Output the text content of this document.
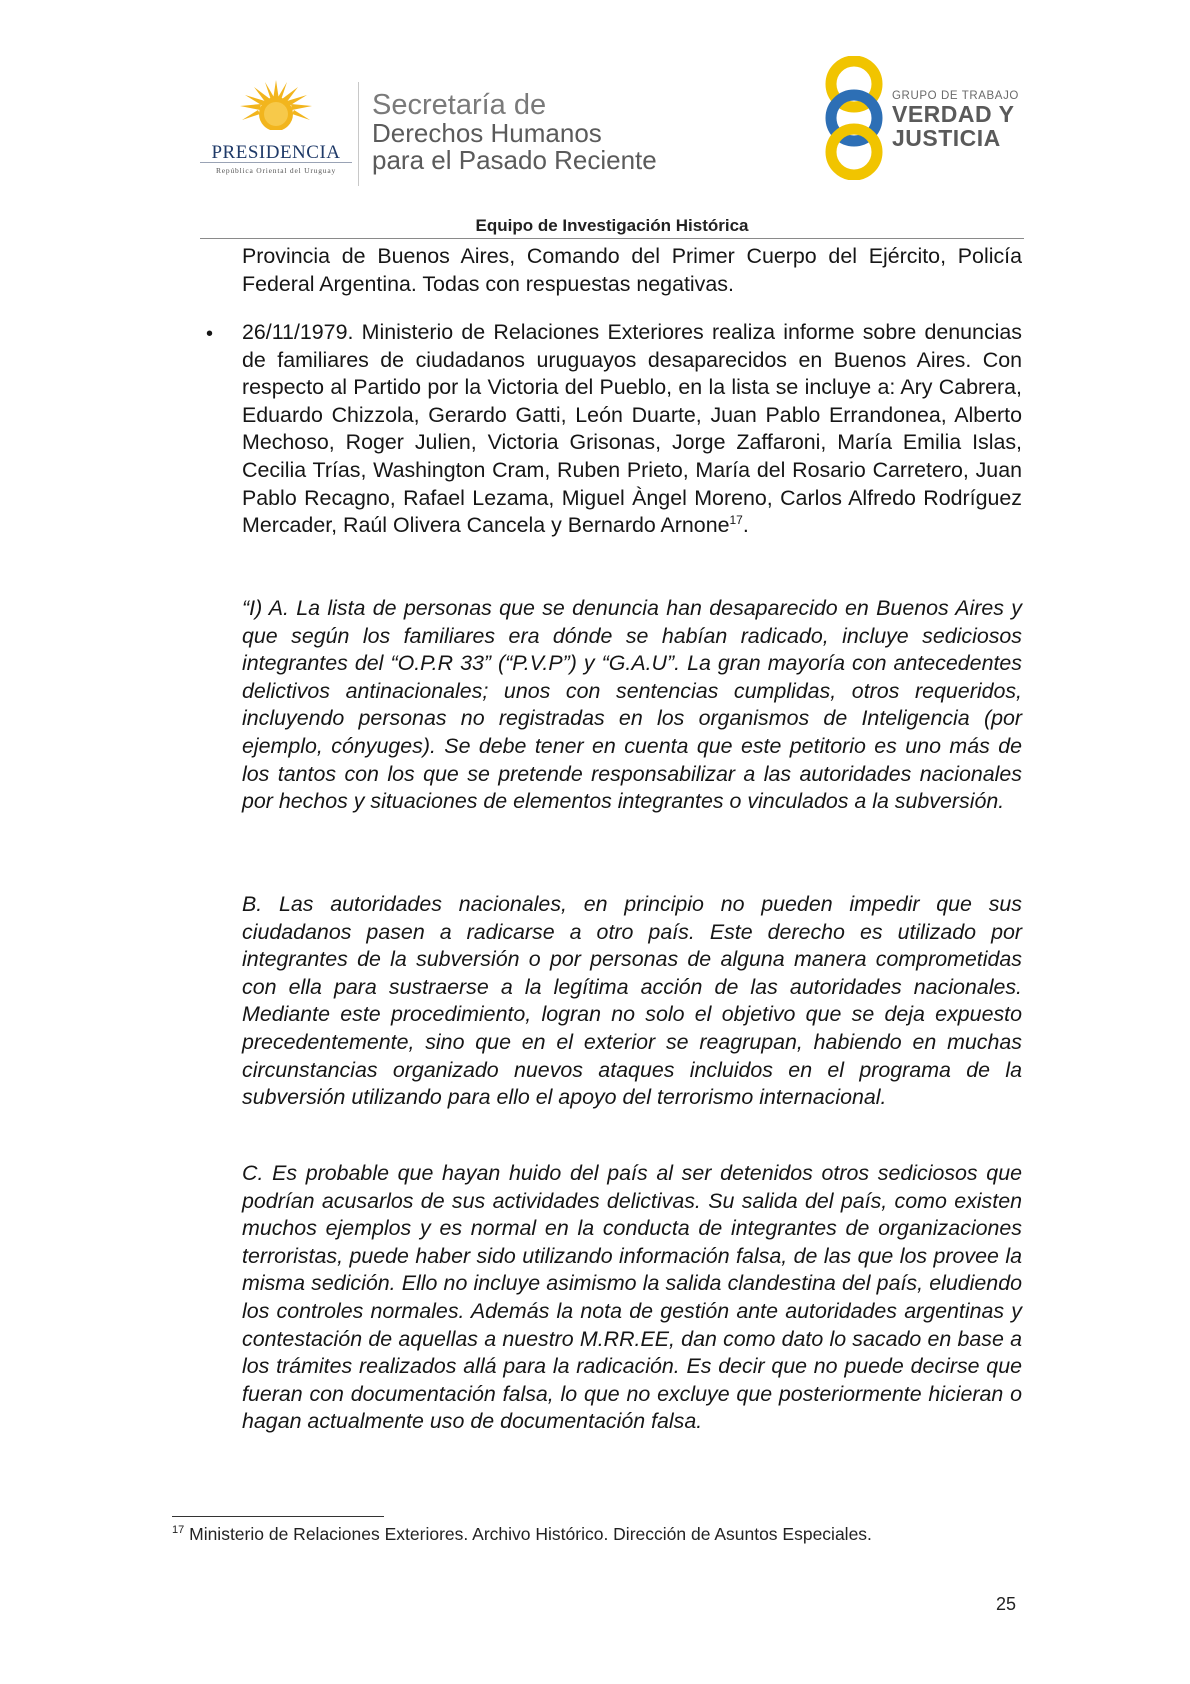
PRESIDENCIA
República Oriental del Uruguay
Secretaría de
Derechos Humanos
para el Pasado Reciente
GRUPO DE TRABAJO
VERDAD Y
JUSTICIA
Equipo de Investigación Histórica
Provincia de Buenos Aires, Comando del Primer Cuerpo del Ejército, Policía Federal Argentina. Todas con respuestas negativas.
• 26/11/1979. Ministerio de Relaciones Exteriores realiza informe sobre denuncias de familiares de ciudadanos uruguayos desaparecidos en Buenos Aires. Con respecto al Partido por la Victoria del Pueblo, en la lista se incluye a: Ary Cabrera, Eduardo Chizzola, Gerardo Gatti, León Duarte, Juan Pablo Errandonea, Alberto Mechoso, Roger Julien, Victoria Grisonas, Jorge Zaffaroni, María Emilia Islas, Cecilia Trías, Washington Cram, Ruben Prieto, María del Rosario Carretero, Juan Pablo Recagno, Rafael Lezama, Miguel Àngel Moreno, Carlos Alfredo Rodríguez Mercader, Raúl Olivera Cancela y Bernardo Arnone$^{17}$.
“I) A. La lista de personas que se denuncia han desaparecido en Buenos Aires y que según los familiares era dónde se habían radicado, incluye sediciosos integrantes del “O.P.R 33” (“P.V.P”) y “G.A.U”. La gran mayoría con antecedentes delictivos antinacionales; unos con sentencias cumplidas, otros requeridos, incluyendo personas no registradas en los organismos de Inteligencia (por ejemplo, cónyuges). Se debe tener en cuenta que este petitorio es uno más de los tantos con los que se pretende responsabilizar a las autoridades nacionales por hechos y situaciones de elementos integrantes o vinculados a la subversión.
B. Las autoridades nacionales, en principio no pueden impedir que sus ciudadanos pasen a radicarse a otro país. Este derecho es utilizado por integrantes de la subversión o por personas de alguna manera comprometidas con ella para sustraerse a la legítima acción de las autoridades nacionales. Mediante este procedimiento, logran no solo el objetivo que se deja expuesto precedentemente, sino que en el exterior se reagrupan, habiendo en muchas circunstancias organizado nuevos ataques incluidos en el programa de la subversión utilizando para ello el apoyo del terrorismo internacional.
C. Es probable que hayan huido del país al ser detenidos otros sediciosos que podrían acusarlos de sus actividades delictivas. Su salida del país, como existen muchos ejemplos y es normal en la conducta de integrantes de organizaciones terroristas, puede haber sido utilizando información falsa, de las que los provee la misma sedición. Ello no incluye asimismo la salida clandestina del país, eludiendo los controles normales. Además la nota de gestión ante autoridades argentinas y contestación de aquellas a nuestro M.RR.EE, dan como dato lo sacado en base a los trámites realizados allá para la radicación. Es decir que no puede decirse que fueran con documentación falsa, lo que no excluye que posteriormente hicieran o hagan actualmente uso de documentación falsa.
$^{17}$ Ministerio de Relaciones Exteriores. Archivo Histórico. Dirección de Asuntos Especiales.
25
